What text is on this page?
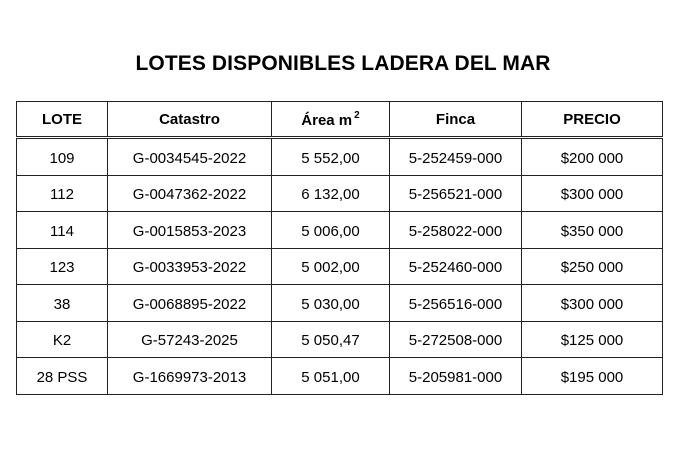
LOTES DISPONIBLES LADERA DEL MAR
LOTE	Catastro	Área m $^2$	Finca	PRECIO
109	G-0034545-2022	5 552,00	5-252459-000	$200 000
112	G-0047362-2022	6 132,00	5-256521-000	$300 000
114	G-0015853-2023	5 006,00	5-258022-000	$350 000
123	G-0033953-2022	5 002,00	5-252460-000	$250 000
38	G-0068895-2022	5 030,00	5-256516-000	$300 000
K2	G-57243-2025	5 050,47	5-272508-000	$125 000
28 PSS	G-1669973-2013	5 051,00	5-205981-000	$195 000
